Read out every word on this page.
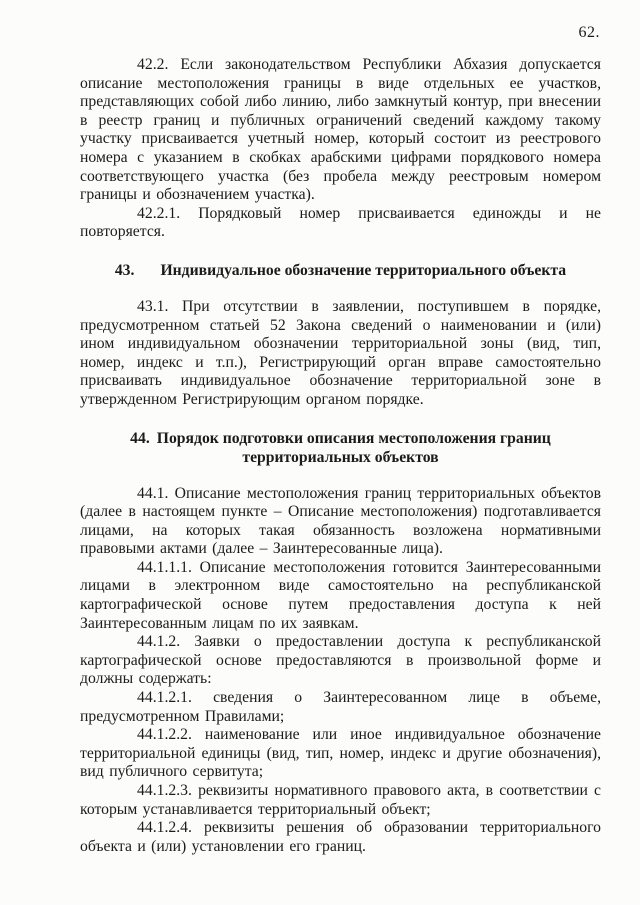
62.

42.2. Если законодательством Республики Абхазия допускается описание местоположения границы в виде отдельных ее участков, представляющих собой либо линию, либо замкнутый контур, при внесении в реестр границ и публичных ограничений сведений каждому такому участку присваивается учетный номер, который состоит из реестрового номера с указанием в скобках арабскими цифрами порядкового номера соответствующего участка (без пробела между реестровым номером границы и обозначением участка).

42.2.1. Порядковый номер присваивается единожды и не повторяется.

43. Индивидуальное обозначение территориального объекта

43.1. При отсутствии в заявлении, поступившем в порядке, предусмотренном статьей 52 Закона сведений о наименовании и (или) ином индивидуальном обозначении территориальной зоны (вид, тип, номер, индекс и т.п.), Регистрирующий орган вправе самостоятельно присваивать индивидуальное обозначение территориальной зоне в утвержденном Регистрирующим органом порядке.

44. Порядок подготовки описания местоположения границ территориальных объектов

44.1. Описание местоположения границ территориальных объектов (далее в настоящем пункте – Описание местоположения) подготавливается лицами, на которых такая обязанность возложена нормативными правовыми актами (далее – Заинтересованные лица).

44.1.1.1. Описание местоположения готовится Заинтересованными лицами в электронном виде самостоятельно на республиканской картографической основе путем предоставления доступа к ней Заинтересованным лицам по их заявкам.

44.1.2. Заявки о предоставлении доступа к республиканской картографической основе предоставляются в произвольной форме и должны содержать:

44.1.2.1. сведения о Заинтересованном лице в объеме, предусмотренном Правилами;

44.1.2.2. наименование или иное индивидуальное обозначение территориальной единицы (вид, тип, номер, индекс и другие обозначения), вид публичного сервитута;

44.1.2.3. реквизиты нормативного правового акта, в соответствии с которым устанавливается территориальный объект;

44.1.2.4. реквизиты решения об образовании территориального объекта и (или) установлении его границ.
